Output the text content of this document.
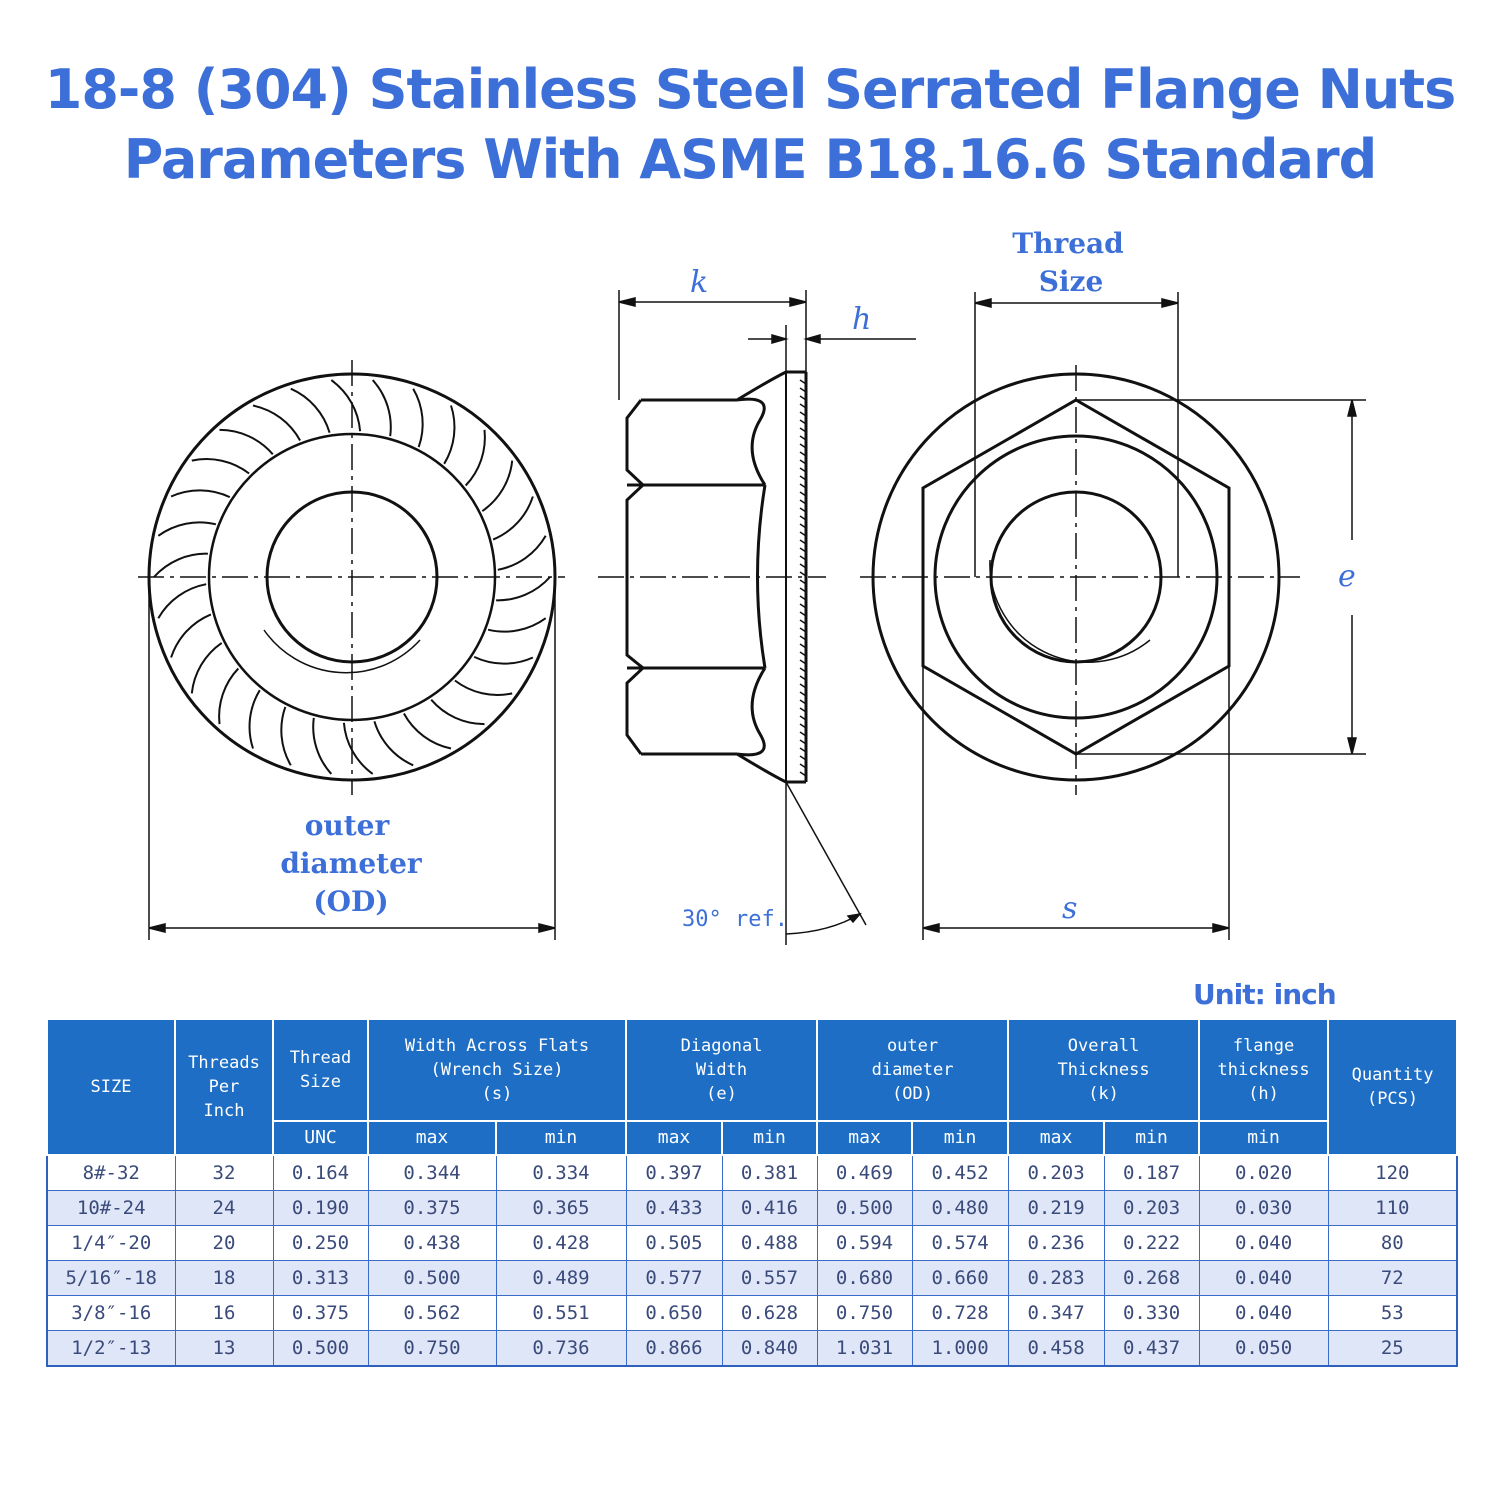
18-8 (304) Stainless Steel Serrated Flange Nuts
Parameters With ASME B18.16.6 Standard
k
h
Thread
Size
e
s
outer
diameter
(OD)
30° ref.
Unit: inch
SIZE	Threads
Per
Inch	Thread
Size	Width Across Flats
(Wrench Size)
(s)		Diagonal
Width
(e)		outer
diameter
(OD)		Overall
Thickness
(k)		flange
thickness
(h)	Quantity
(PCS)
		UNC	max	min	max	min	max	min	max	min	min	
8#-32	32	0.164	0.344	0.334	0.397	0.381	0.469	0.452	0.203	0.187	0.020	120
10#-24	24	0.190	0.375	0.365	0.433	0.416	0.500	0.480	0.219	0.203	0.030	110
1/4″-20	20	0.250	0.438	0.428	0.505	0.488	0.594	0.574	0.236	0.222	0.040	80
5/16″-18	18	0.313	0.500	0.489	0.577	0.557	0.680	0.660	0.283	0.268	0.040	72
3/8″-16	16	0.375	0.562	0.551	0.650	0.628	0.750	0.728	0.347	0.330	0.040	53
1/2″-13	13	0.500	0.750	0.736	0.866	0.840	1.031	1.000	0.458	0.437	0.050	25
